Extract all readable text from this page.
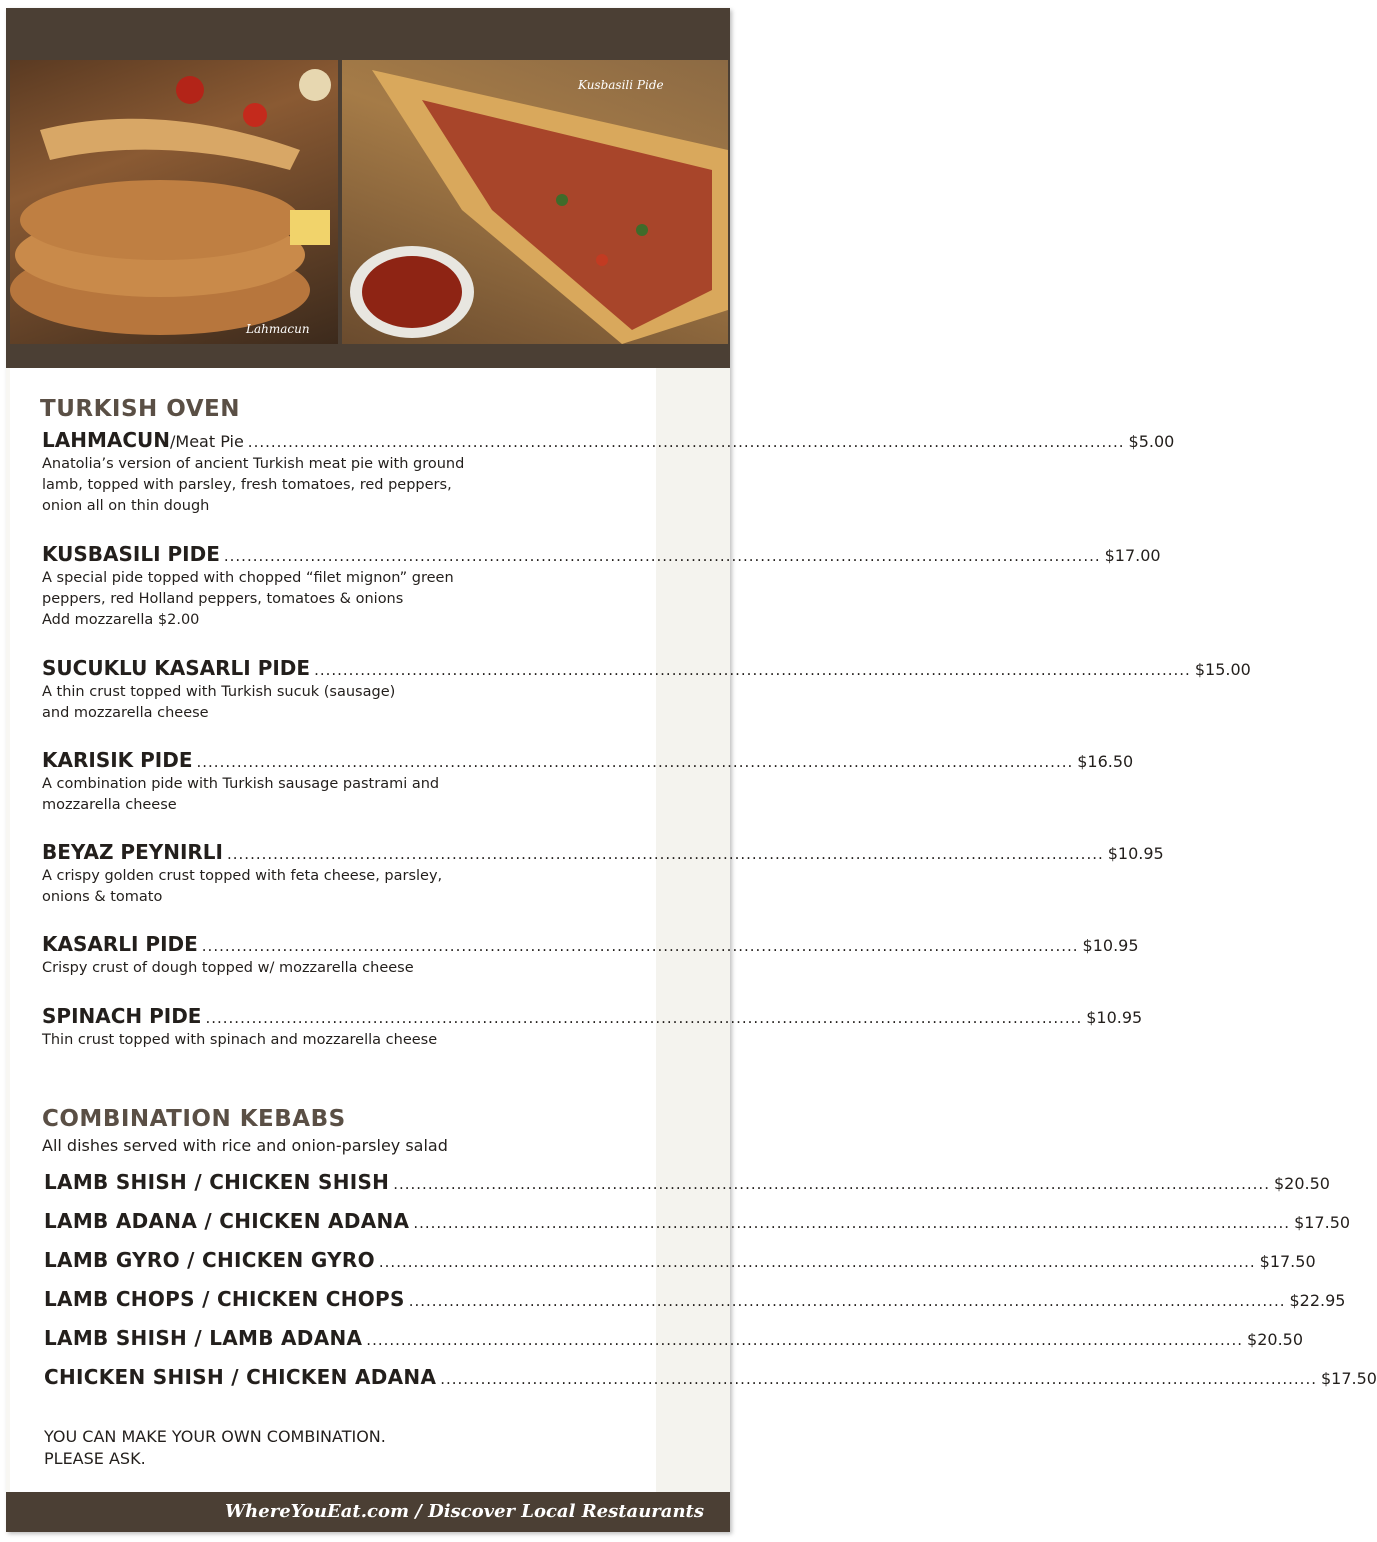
Lahmacun
Kusbasili Pide
TURKISH OVEN
LAHMACUN /Meat Pie ........................................................................................................................................................ $5.00
Anatolia’s version of ancient Turkish meat pie with ground
lamb, topped with parsley, fresh tomatoes, red peppers,
onion all on thin dough
KUSBASILI PIDE ........................................................................................................................................................ $17.00
A special pide topped with chopped “filet mignon” green
peppers, red Holland peppers, tomatoes & onions
Add mozzarella $2.00
SUCUKLU KASARLI PIDE ........................................................................................................................................................ $15.00
A thin crust topped with Turkish sucuk (sausage)
and mozzarella cheese
KARISIK PIDE ........................................................................................................................................................ $16.50
A combination pide with Turkish sausage pastrami and
mozzarella cheese
BEYAZ PEYNIRLI ........................................................................................................................................................ $10.95
A crispy golden crust topped with feta cheese, parsley,
onions & tomato
KASARLI PIDE ........................................................................................................................................................ $10.95
Crispy crust of dough topped w/ mozzarella cheese
SPINACH PIDE ........................................................................................................................................................ $10.95
Thin crust topped with spinach and mozzarella cheese
COMBINATION KEBABS
All dishes served with rice and onion-parsley salad
LAMB SHISH / CHICKEN SHISH ........................................................................................................................................................ $20.50
LAMB ADANA / CHICKEN ADANA ........................................................................................................................................................ $17.50
LAMB GYRO / CHICKEN GYRO ........................................................................................................................................................ $17.50
LAMB CHOPS / CHICKEN CHOPS ........................................................................................................................................................ $22.95
LAMB SHISH / LAMB ADANA ........................................................................................................................................................ $20.50
CHICKEN SHISH / CHICKEN ADANA ........................................................................................................................................................ $17.50
YOU CAN MAKE YOUR OWN COMBINATION.
PLEASE ASK.
WhereYouEat.com / Discover Local Restaurants
